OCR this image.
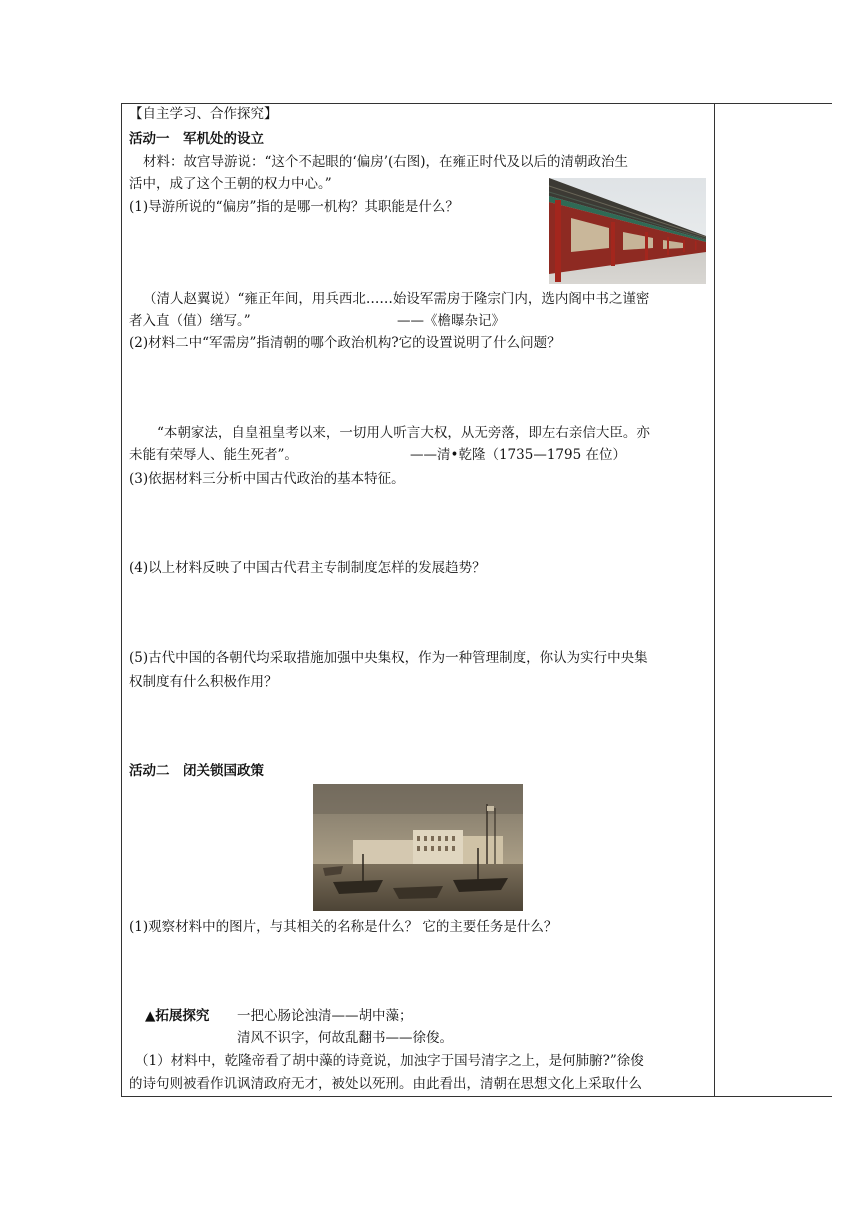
【自主学习、合作探究】
活动一　军机处的设立
材料：故宫导游说：“这个不起眼的‘偏房’(右图)，在雍正时代及以后的清朝政治生
活中，成了这个王朝的权力中心。”
(1)导游所说的“偏房”指的是哪一机构？其职能是什么？
（清人赵翼说）“雍正年间，用兵西北……始设军需房于隆宗门内，选内阁中书之谨密
者入直（值）缮写。”	——《檐曝杂记》
(2)材料二中“军需房”指清朝的哪个政治机构?它的设置说明了什么问题？
“本朝家法，自皇祖皇考以来，一切用人听言大权，从无旁落，即左右亲信大臣。亦
未能有荣辱人、能生死者”。	——清•乾隆（1735—1795 在位）
(3)依据材料三分析中国古代政治的基本特征。
(4)以上材料反映了中国古代君主专制制度怎样的发展趋势？
(5)古代中国的各朝代均采取措施加强中央集权，作为一种管理制度，你认为实行中央集
权制度有什么积极作用？
活动二　闭关锁国政策
(1)观察材料中的图片，与其相关的名称是什么？ 它的主要任务是什么？
▲拓展探究 一把心肠论浊清——胡中藻；
清风不识字，何故乱翻书——徐俊。
（1）材料中，乾隆帝看了胡中藻的诗竟说，加浊字于国号清字之上，是何肺腑?”徐俊
的诗句则被看作讥讽清政府无才，被处以死刑。由此看出，清朝在思想文化上采取什么
